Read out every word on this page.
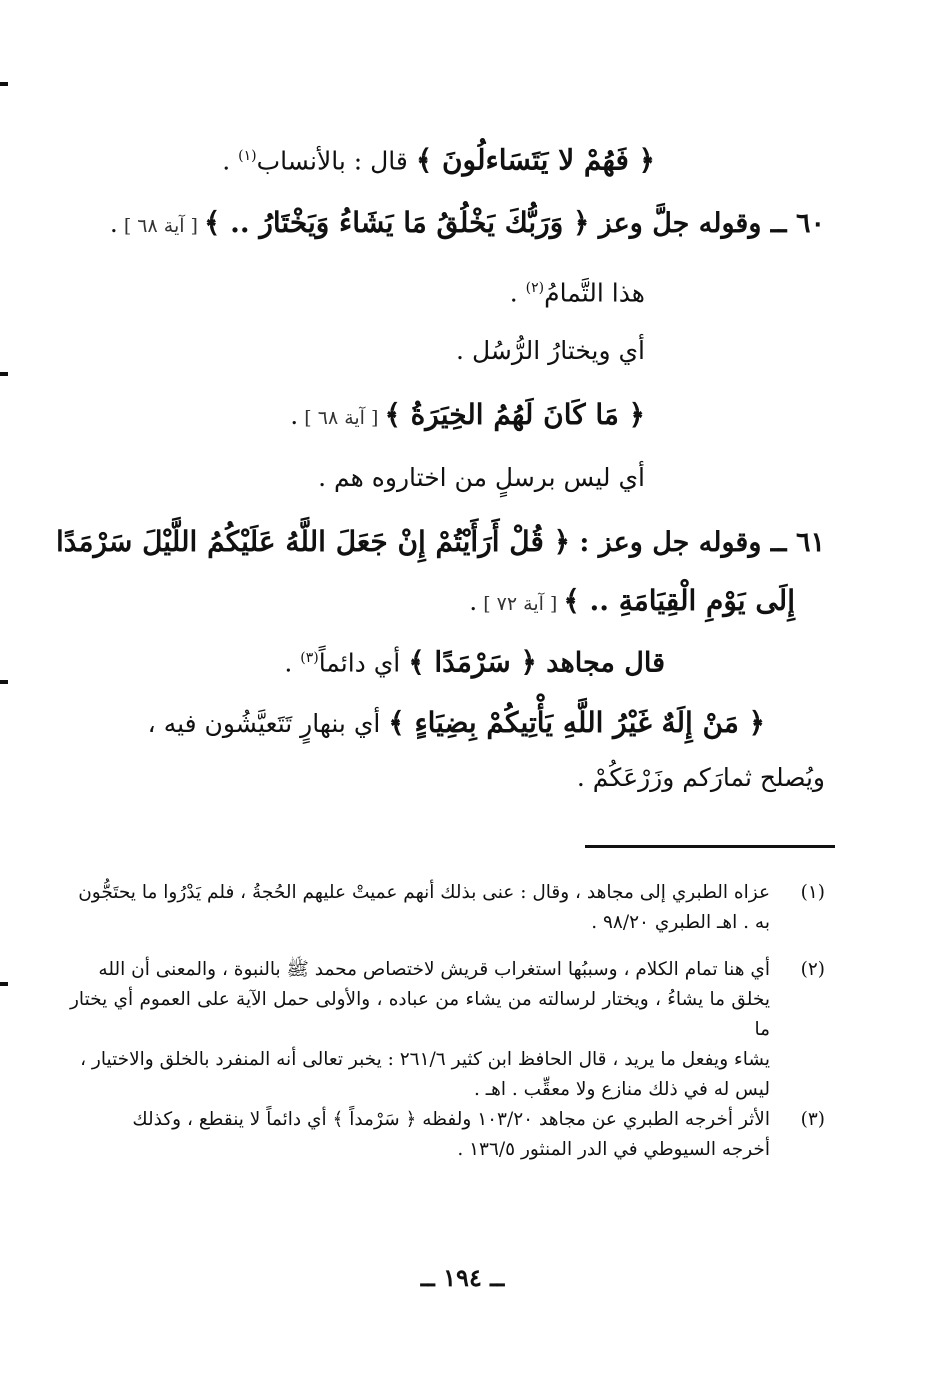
﴿ فَهُمْ لا يَتَسَاءلُونَ ﴾ قال : بالأنساب$^{(١)}$ .
٦٠ ــ وقوله جلَّ وعز ﴿ وَرَبُّكَ يَخْلُقُ مَا يَشَاءُ وَيَخْتَارُ .. ﴾ [ آية ٦٨ ] .
هذا التَّمامُ$^{(٢)}$ .
أي ويختارُ الرُّسُل .
﴿ مَا كَانَ لَهُمُ الخِيَرَةُ ﴾ [ آية ٦٨ ] .
أي ليس برسلٍ من اختاروه هم .
٦١ ــ وقوله جل وعز : ﴿ قُلْ أَرَأَيْتُمْ إِنْ جَعَلَ اللَّهُ عَلَيْكُمُ اللَّيْلَ سَرْمَدًا
إِلَى يَوْمِ الْقِيَامَةِ .. ﴾ [ آية ٧٢ ] .
قال مجاهد ﴿ سَرْمَدًا ﴾ أي دائماً$^{(٣)}$ .
﴿ مَنْ إِلَهٌ غَيْرُ اللَّهِ يَأْتِيكُمْ بِضِيَاءٍ ﴾ أي بنهارٍ تَتَعيَّشُون فيه ،
ويُصلح ثمارَكم وزَرْعَكُمْ .
(١)
عزاه الطبري إلى مجاهد ، وقال : عنى بذلك أنهم عميتْ عليهم الحُجةُ ، فلم يَدْرُوا ما يحتَجُّون
به . اهـ الطبري ٩٨/٢٠ .
(٢)
أي هنا تمام الكلام ، وسببُها استغراب قريش لاختصاص محمد ﷺ بالنبوة ، والمعنى أن الله
يخلق ما يشاءُ ، ويختار لرسالته من يشاء من عباده ، والأولى حمل الآية على العموم أي يختار ما
يشاء ويفعل ما يريد ، قال الحافظ ابن كثير ٢٦١/٦ : يخبر تعالى أنه المنفرد بالخلق والاختيار ،
ليس له في ذلك منازع ولا معقِّب . اهـ .
(٣)
الأثر أخرجه الطبري عن مجاهد ١٠٣/٢٠ ولفظه ﴿ سَرْمداً ﴾ أي دائماً لا ينقطع ، وكذلك
أخرجه السيوطي في الدر المنثور ١٣٦/٥ .
ــ ١٩٤ ــ
